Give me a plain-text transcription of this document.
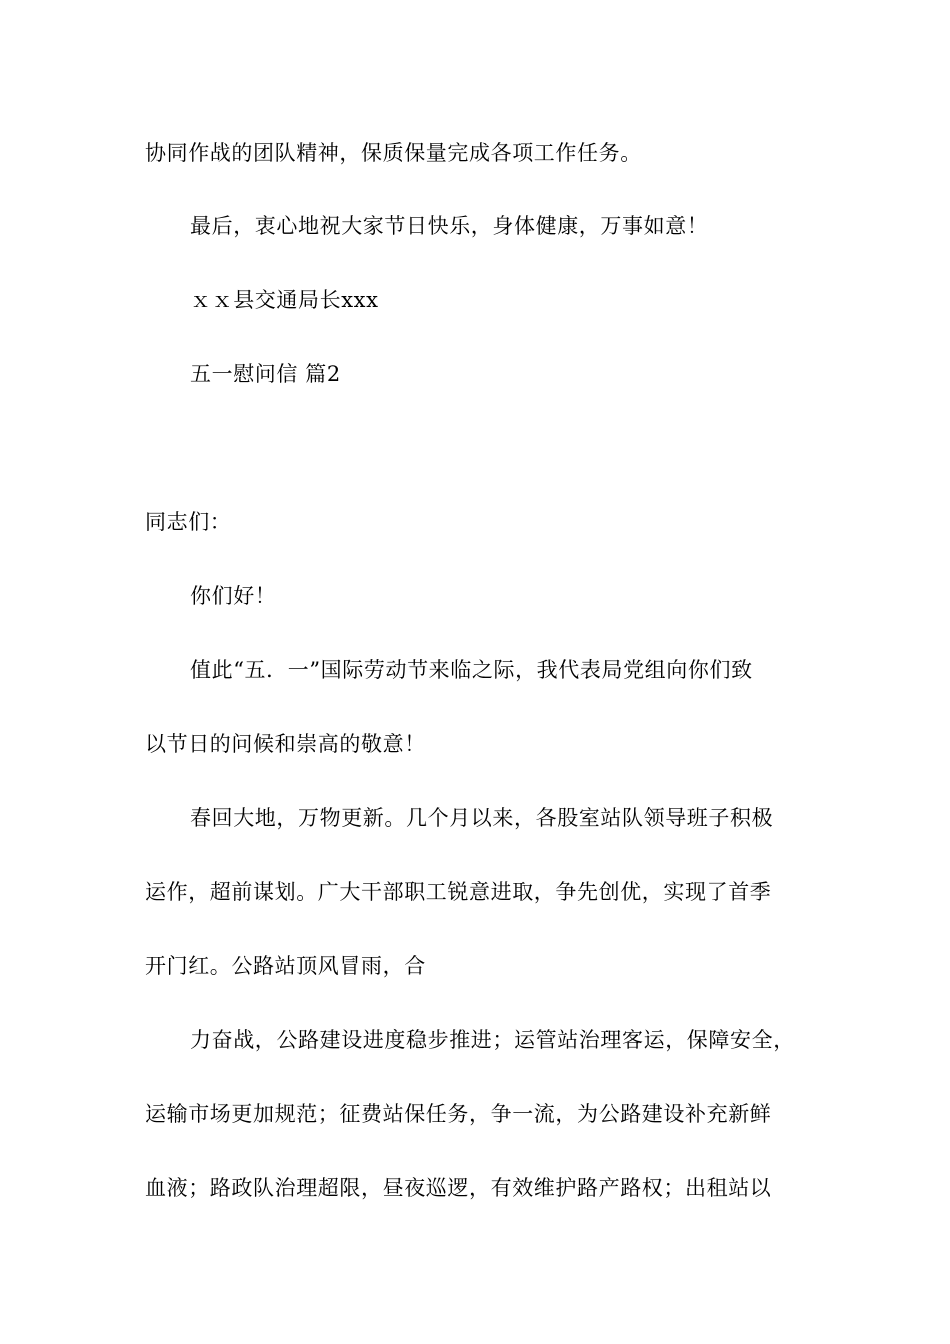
协同作战的团队精神，保质保量完成各项工作任务。
最后，衷心地祝大家节日快乐，身体健康，万事如意！
ｘｘ县交通局长xxx
五一慰问信 篇2
同志们：
你们好！
值此“五．一”国际劳动节来临之际，我代表局党组向你们致
以节日的问候和崇高的敬意！
春回大地，万物更新。几个月以来，各股室站队领导班子积极
运作，超前谋划。广大干部职工锐意进取，争先创优，实现了首季
开门红。公路站顶风冒雨，合
力奋战，公路建设进度稳步推进；运管站治理客运，保障安全，
运输市场更加规范；征费站保任务，争一流，为公路建设补充新鲜
血液；路政队治理超限，昼夜巡逻，有效维护路产路权；出租站以
